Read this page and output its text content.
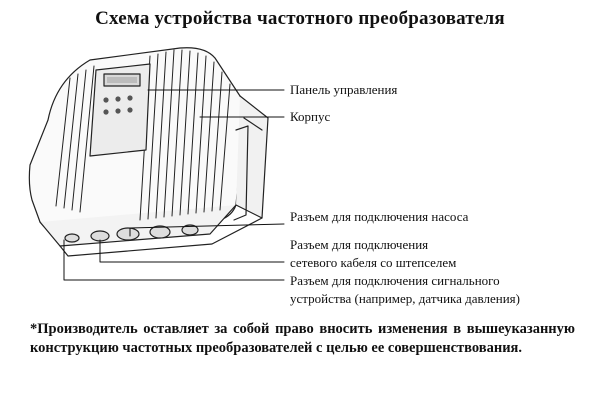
Схема устройства частотного преобразователя
Панель управления
Корпус
Разъем для подключения насоса
Разъем для подключения
сетевого кабеля со штепселем
Разъем для подключения сигнального
устройства (например, датчика давления)
*Производитель оставляет за собой право вносить изменения в вышеуказанную конструкцию частотных преобразователей с целью ее совершенствования.
